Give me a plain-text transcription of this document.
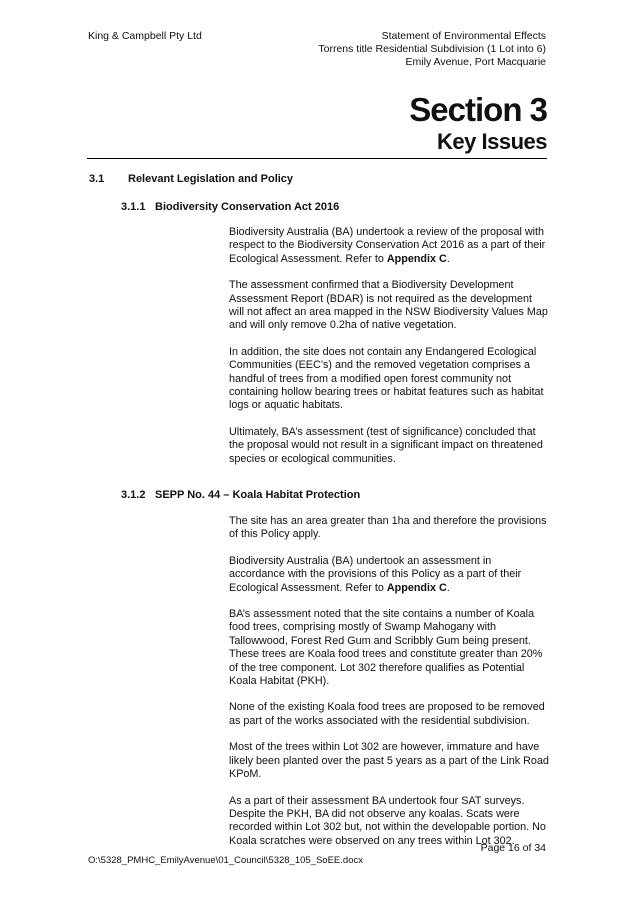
King & Campbell Pty Ltd	Statement of Environmental Effects
Torrens title Residential Subdivision (1 Lot into 6)
Emily Avenue, Port Macquarie
Section 3
Key Issues
3.1 Relevant Legislation and Policy
3.1.1 Biodiversity Conservation Act 2016

Biodiversity Australia (BA) undertook a review of the proposal with respect to the Biodiversity Conservation Act 2016 as a part of their Ecological Assessment. Refer to Appendix C.

The assessment confirmed that a Biodiversity Development Assessment Report (BDAR) is not required as the development will not affect an area mapped in the NSW Biodiversity Values Map and will only remove 0.2ha of native vegetation.

In addition, the site does not contain any Endangered Ecological Communities (EEC’s) and the removed vegetation comprises a handful of trees from a modified open forest community not containing hollow bearing trees or habitat features such as habitat logs or aquatic habitats.

Ultimately, BA’s assessment (test of significance) concluded that the proposal would not result in a significant impact on threatened species or ecological communities.

3.1.2 SEPP No. 44 – Koala Habitat Protection

The site has an area greater than 1ha and therefore the provisions of this Policy apply.

Biodiversity Australia (BA) undertook an assessment in accordance with the provisions of this Policy as a part of their Ecological Assessment. Refer to Appendix C.

BA’s assessment noted that the site contains a number of Koala food trees, comprising mostly of Swamp Mahogany with Tallowwood, Forest Red Gum and Scribbly Gum being present. These trees are Koala food trees and constitute greater than 20% of the tree component. Lot 302 therefore qualifies as Potential Koala Habitat (PKH).

None of the existing Koala food trees are proposed to be removed as part of the works associated with the residential subdivision.

Most of the trees within Lot 302 are however, immature and have likely been planted over the past 5 years as a part of the Link Road KPoM.

As a part of their assessment BA undertook four SAT surveys. Despite the PKH, BA did not observe any koalas. Scats were recorded within Lot 302 but, not within the developable portion. No Koala scratches were observed on any trees within Lot 302.

Page 16 of 34
O:\5328_PMHC_EmilyAvenue\01_Council\5328_105_SoEE.docx
